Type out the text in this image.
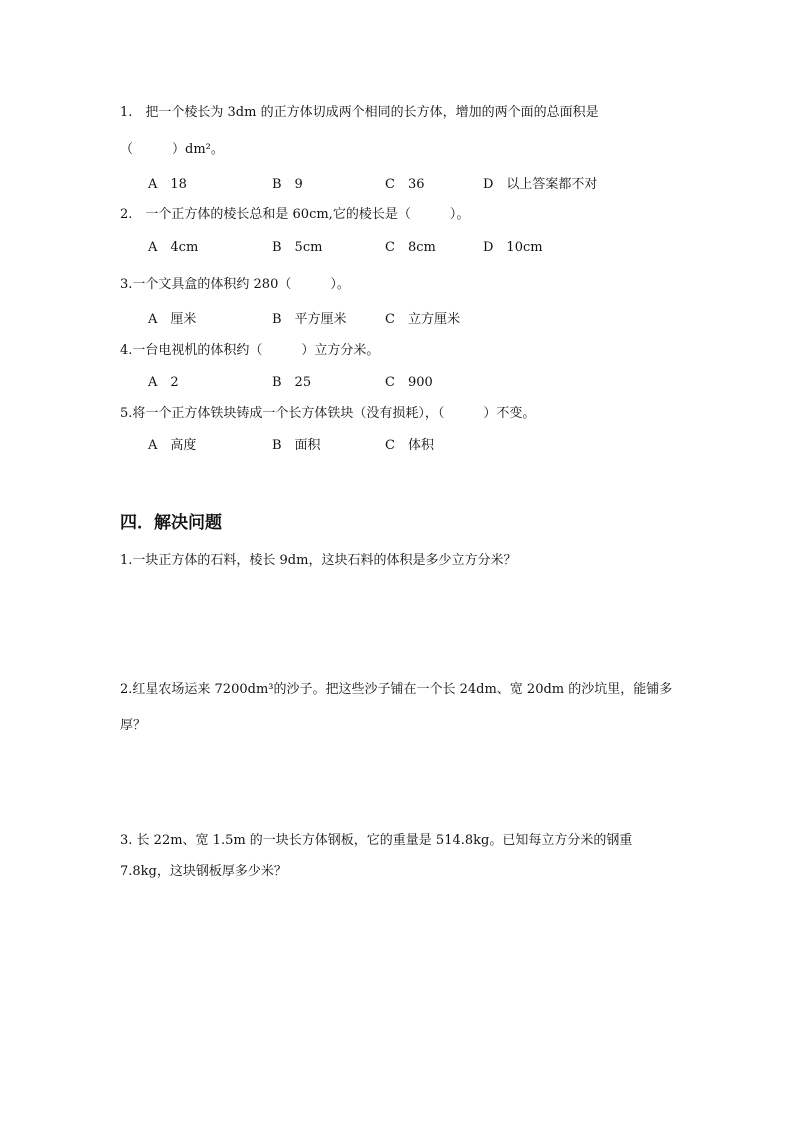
1.　把一个棱长为 3dm 的正方体切成两个相同的长方体，增加的两个面的总面积是
（　　　）dm²。
A　18	B　9	C　36	D　以上答案都不对
2.　一个正方体的棱长总和是 60cm,它的棱长是（　　　）。
A　4cm	B　5cm	C　8cm	D　10cm
3.一个文具盒的体积约 280（　　　）。
A　厘米	B　平方厘米	C　立方厘米
4.一台电视机的体积约（　　　）立方分米。
A　2	B　25	C　900
5.将一个正方体铁块铸成一个长方体铁块（没有损耗），（　　　）不变。
A　高度	B　面积	C　体积
四．解决问题
1.一块正方体的石料，棱长 9dm，这块石料的体积是多少立方分米？
2.红星农场运来 7200dm³的沙子。把这些沙子铺在一个长 24dm、宽 20dm 的沙坑里，能铺多
厚？
3. 长 22m、宽 1.5m 的一块长方体钢板，它的重量是 514.8kg。已知每立方分米的钢重
7.8kg，这块钢板厚多少米？
